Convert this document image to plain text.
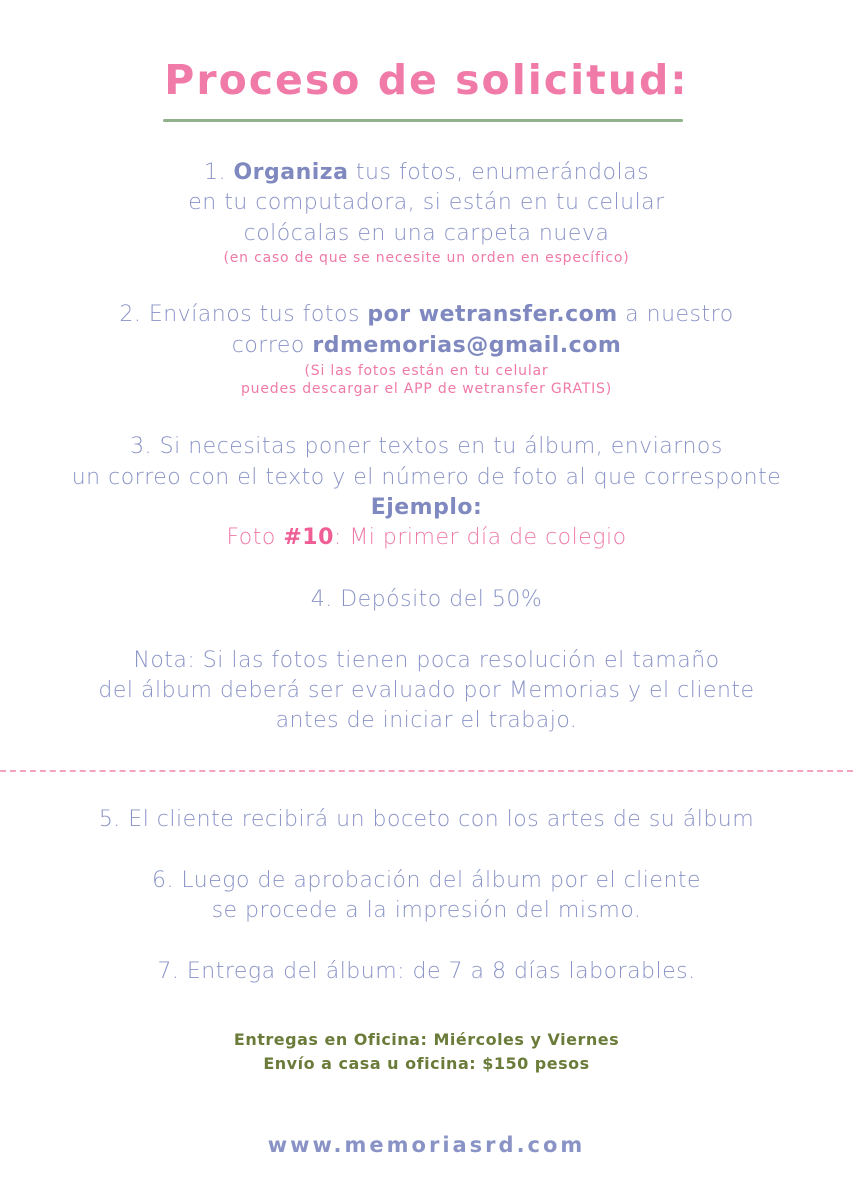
Proceso de solicitud:
1. Organiza tus fotos, enumerándolas
en tu computadora, si están en tu celular
colócalas en una carpeta nueva
(en caso de que se necesite un orden en específico)
2. Envíanos tus fotos por wetransfer.com a nuestro
correo rdmemorias@gmail.com
(Si las fotos están en tu celular
puedes descargar el APP de wetransfer GRATIS)
3. Si necesitas poner textos en tu álbum, enviarnos
un correo con el texto y el número de foto al que corresponte
Ejemplo:
Foto #10: Mi primer día de colegio
4. Depósito del 50%
Nota: Si las fotos tienen poca resolución el tamaño
del álbum deberá ser evaluado por Memorias y el cliente
antes de iniciar el trabajo.
5. El cliente recibirá un boceto con los artes de su álbum
6. Luego de aprobación del álbum por el cliente
se procede a la impresión del mismo.
7. Entrega del álbum: de 7 a 8 días laborables.
Entregas en Oficina: Miércoles y Viernes
Envío a casa u oficina: $150 pesos
www.memoriasrd.com
